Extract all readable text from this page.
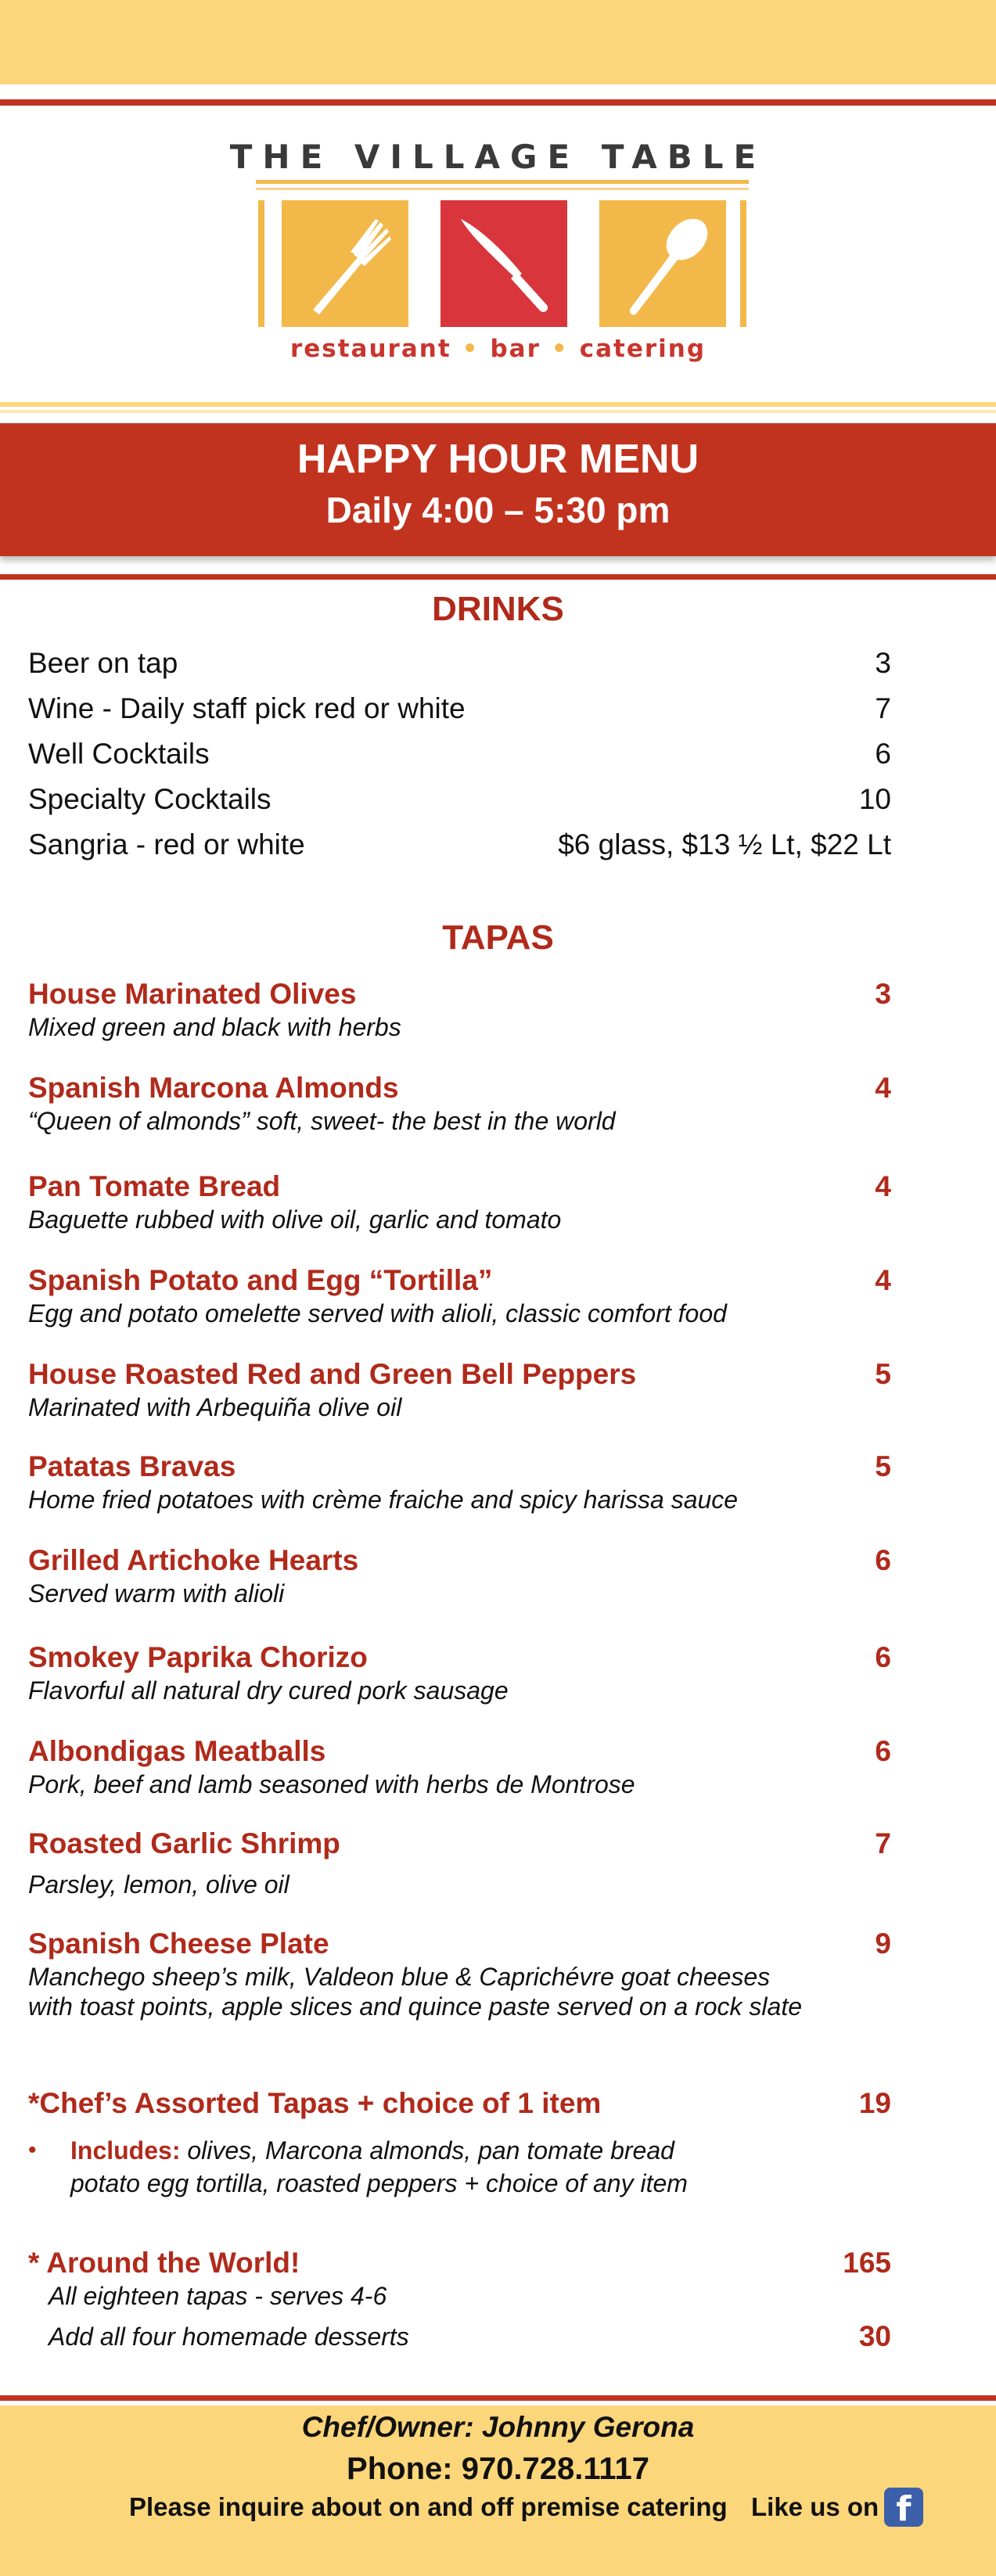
THE VILLAGE TABLE
restaurant • bar • catering
HAPPY HOUR MENU
Daily 4:00 – 5:30 pm
DRINKS
Beer on tap	3
Wine - Daily staff pick red or white	7
Well Cocktails	6
Specialty Cocktails	10
Sangria - red or white	$6 glass, $13 ½ Lt, $22 Lt
TAPAS
House Marinated Olives	3
Mixed green and black with herbs
Spanish Marcona Almonds	4
“Queen of almonds” soft, sweet- the best in the world
Pan Tomate Bread	4
Baguette rubbed with olive oil, garlic and tomato
Spanish Potato and Egg “Tortilla”	4
Egg and potato omelette served with alioli, classic comfort food
House Roasted Red and Green Bell Peppers	5
Marinated with Arbequiña olive oil
Patatas Bravas	5
Home fried potatoes with crème fraiche and spicy harissa sauce
Grilled Artichoke Hearts	6
Served warm with alioli
Smokey Paprika Chorizo	6
Flavorful all natural dry cured pork sausage
Albondigas Meatballs	6
Pork, beef and lamb seasoned with herbs de Montrose
Roasted Garlic Shrimp	7
Parsley, lemon, olive oil
Spanish Cheese Plate	9
Manchego sheep’s milk, Valdeon blue & Caprichévre goat cheeses
with toast points, apple slices and quince paste served on a rock slate
*Chef’s Assorted Tapas + choice of 1 item	19
•	Includes: olives, Marcona almonds, pan tomate bread
potato egg tortilla, roasted peppers + choice of any item
* Around the World!	165
All eighteen tapas - serves 4-6
Add all four homemade desserts	30
Chef/Owner: Johnny Gerona
Phone: 970.728.1117
Please inquire about on and off premise catering Like us on f
